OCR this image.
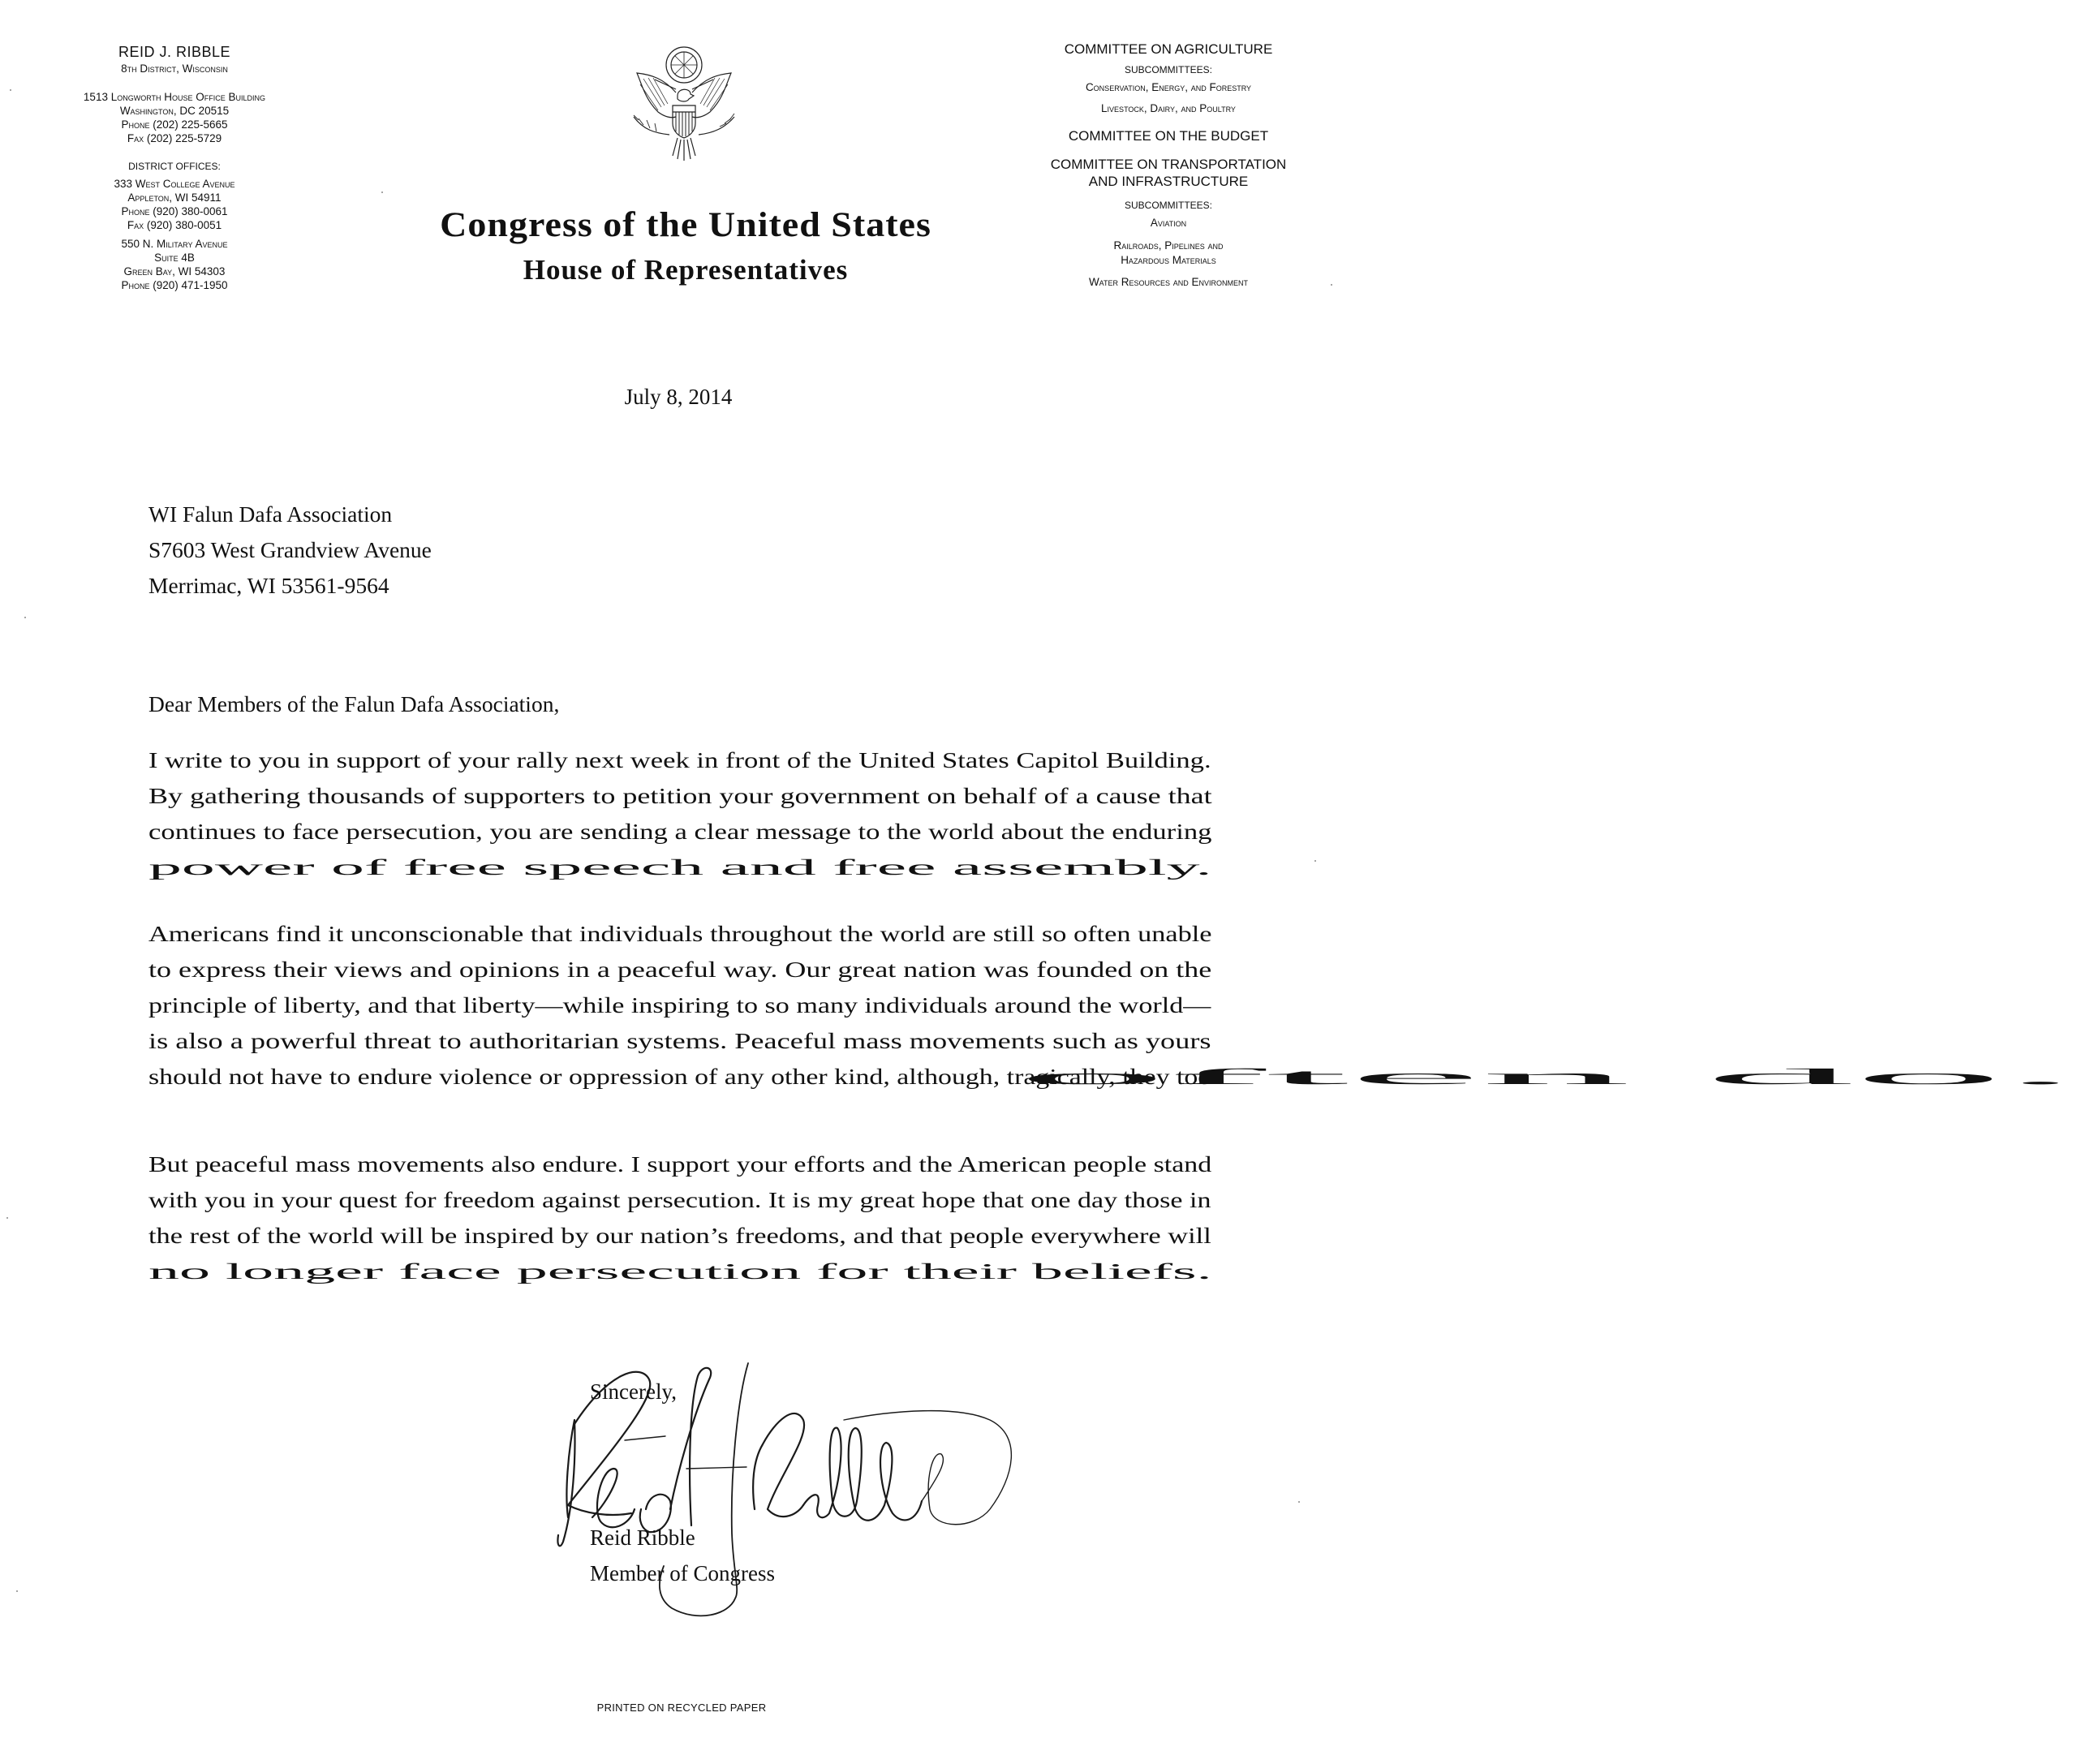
REID J. RIBBLE
8th District, Wisconsin
1513 Longworth House Office Building
Washington, DC 20515
Phone (202) 225-5665
Fax (202) 225-5729
DISTRICT OFFICES:
333 West College Avenue
Appleton, WI 54911
Phone (920) 380-0061
Fax (920) 380-0051
550 N. Military Avenue
Suite 4B
Green Bay, WI 54303
Phone (920) 471-1950
Congress of the United States
House of Representatives
COMMITTEE ON AGRICULTURE
SUBCOMMITTEES:
Conservation, Energy, and Forestry
Livestock, Dairy, and Poultry
COMMITTEE ON THE BUDGET
COMMITTEE ON TRANSPORTATION
AND INFRASTRUCTURE
SUBCOMMITTEES:
Aviation
Railroads, Pipelines and
Hazardous Materials
Water Resources and Environment
July 8, 2014
WI Falun Dafa Association
S7603 West Grandview Avenue
Merrimac, WI 53561-9564
Dear Members of the Falun Dafa Association,
I write to you in support of your rally next week in front of the United States Capitol Building. By gathering thousands of supporters to petition your government on behalf of a cause that continues to face persecution, you are sending a clear message to the world about the enduring power of free speech and free assembly.
Americans find it unconscionable that individuals throughout the world are still so often unable to express their views and opinions in a peaceful way. Our great nation was founded on the principle of liberty, and that liberty—while inspiring to so many individuals around the world— is also a powerful threat to authoritarian systems. Peaceful mass movements such as yours should not have to endure violence or oppression of any other kind, although, tragically, they too often do.
But peaceful mass movements also endure. I support your efforts and the American people stand with you in your quest for freedom against persecution. It is my great hope that one day those in the rest of the world will be inspired by our nation’s freedoms, and that people everywhere will no longer face persecution for their beliefs.
Sincerely,
Reid Ribble
Member of Congress
PRINTED ON RECYCLED PAPER
